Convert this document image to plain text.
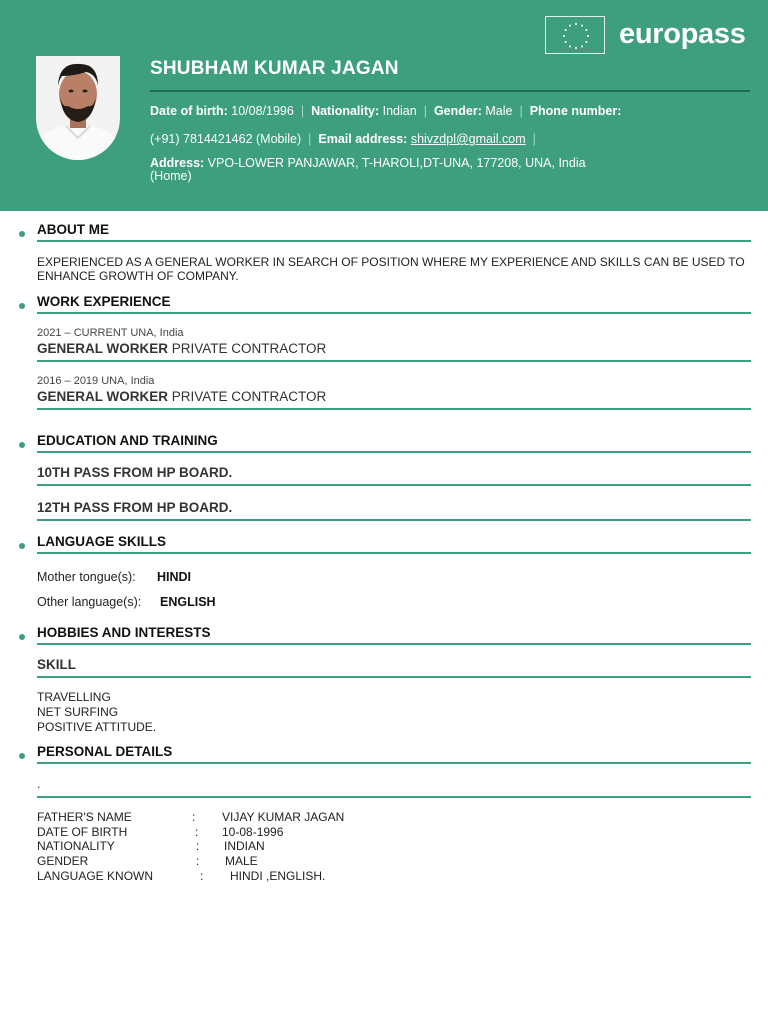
europass
SHUBHAM KUMAR JAGAN
Date of birth: 10/08/1996 | Nationality: Indian | Gender: Male | Phone number:
(+91) 7814421462 (Mobile) | Email address: shivzdpl@gmail.com |
Address: VPO-LOWER PANJAWAR, T-HAROLI,DT-UNA, 177208, UNA, India
(Home)
ABOUT ME
EXPERIENCED AS A GENERAL WORKER IN SEARCH OF POSITION WHERE MY EXPERIENCE AND SKILLS CAN BE USED TO
ENHANCE GROWTH OF COMPANY.
WORK EXPERIENCE
2021 – CURRENT UNA, India
GENERAL WORKER PRIVATE CONTRACTOR
2016 – 2019 UNA, India
GENERAL WORKER PRIVATE CONTRACTOR
EDUCATION AND TRAINING
10TH PASS FROM HP BOARD.
12TH PASS FROM HP BOARD.
LANGUAGE SKILLS
Mother tongue(s): HINDI
Other language(s): ENGLISH
HOBBIES AND INTERESTS
SKILL
TRAVELLING
NET SURFING
POSITIVE ATTITUDE.
PERSONAL DETAILS
.
FATHER'S NAME	: VIJAY KUMAR JAGAN
DATE OF BIRTH	: 10-08-1996
NATIONALITY	: INDIAN
GENDER	: MALE
LANGUAGE KNOWN	: HINDI ,ENGLISH.
